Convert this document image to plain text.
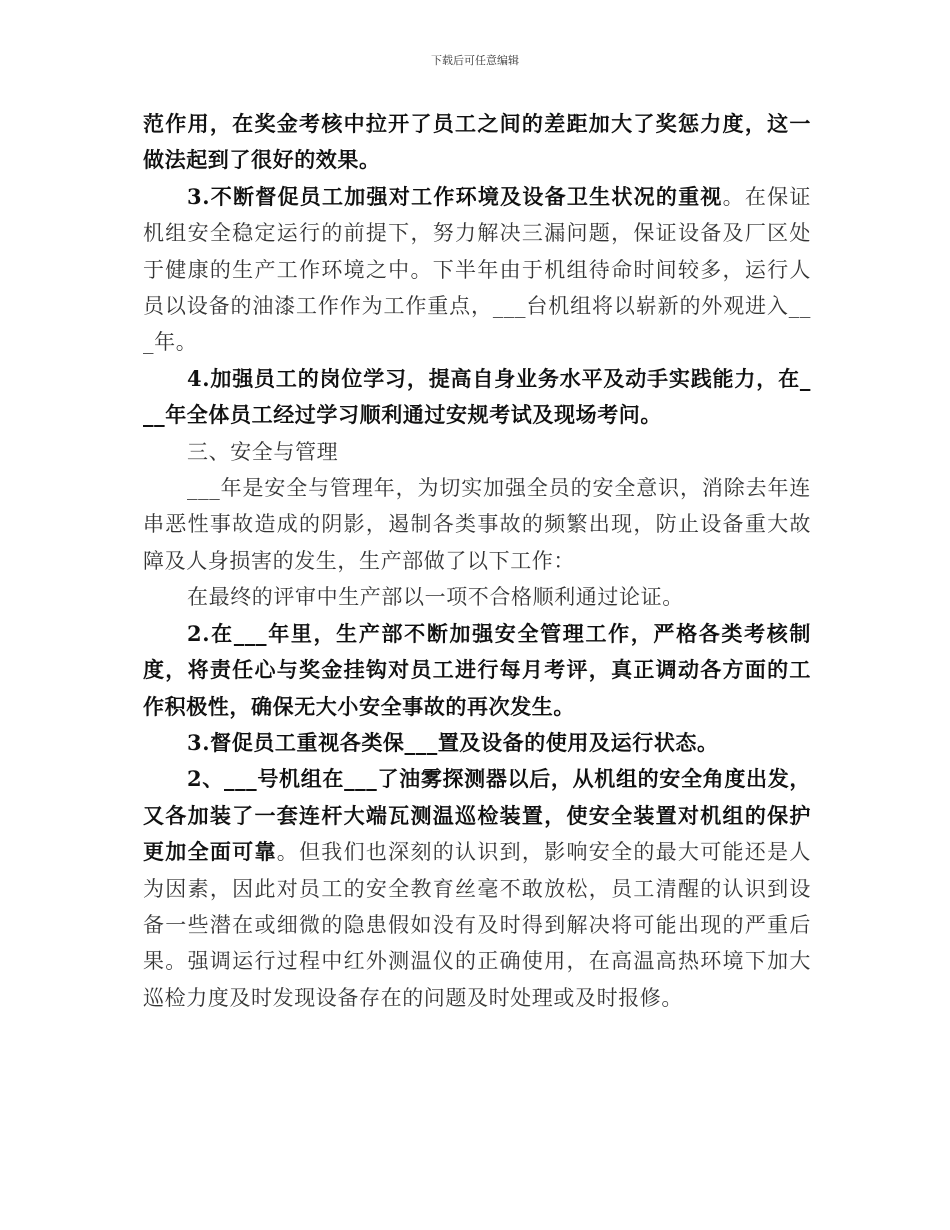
下载后可任意编辑

范作用，在奖金考核中拉开了员工之间的差距加大了奖惩力度，这一做法起到了很好的效果。

3.不断督促员工加强对工作环境及设备卫生状况的重视。在保证机组安全稳定运行的前提下，努力解决三漏问题，保证设备及厂区处于健康的生产工作环境之中。下半年由于机组待命时间较多，运行人员以设备的油漆工作作为工作重点，___台机组将以崭新的外观进入___年。

4.加强员工的岗位学习，提高自身业务水平及动手实践能力，在___年全体员工经过学习顺利通过安规考试及现场考问。

三、安全与管理

___年是安全与管理年，为切实加强全员的安全意识，消除去年连串恶性事故造成的阴影，遏制各类事故的频繁出现，防止设备重大故障及人身损害的发生，生产部做了以下工作：

在最终的评审中生产部以一项不合格顺利通过论证。

2.在___年里，生产部不断加强安全管理工作，严格各类考核制度，将责任心与奖金挂钩对员工进行每月考评，真正调动各方面的工作积极性，确保无大小安全事故的再次发生。

3.督促员工重视各类保___置及设备的使用及运行状态。

2、___号机组在___了油雾探测器以后，从机组的安全角度出发，又各加装了一套连杆大端瓦测温巡检装置，使安全装置对机组的保护更加全面可靠。但我们也深刻的认识到，影响安全的最大可能还是人为因素，因此对员工的安全教育丝毫不敢放松，员工清醒的认识到设备一些潜在或细微的隐患假如没有及时得到解决将可能出现的严重后果。强调运行过程中红外测温仪的正确使用，在高温高热环境下加大巡检力度及时发现设备存在的问题及时处理或及时报修。
